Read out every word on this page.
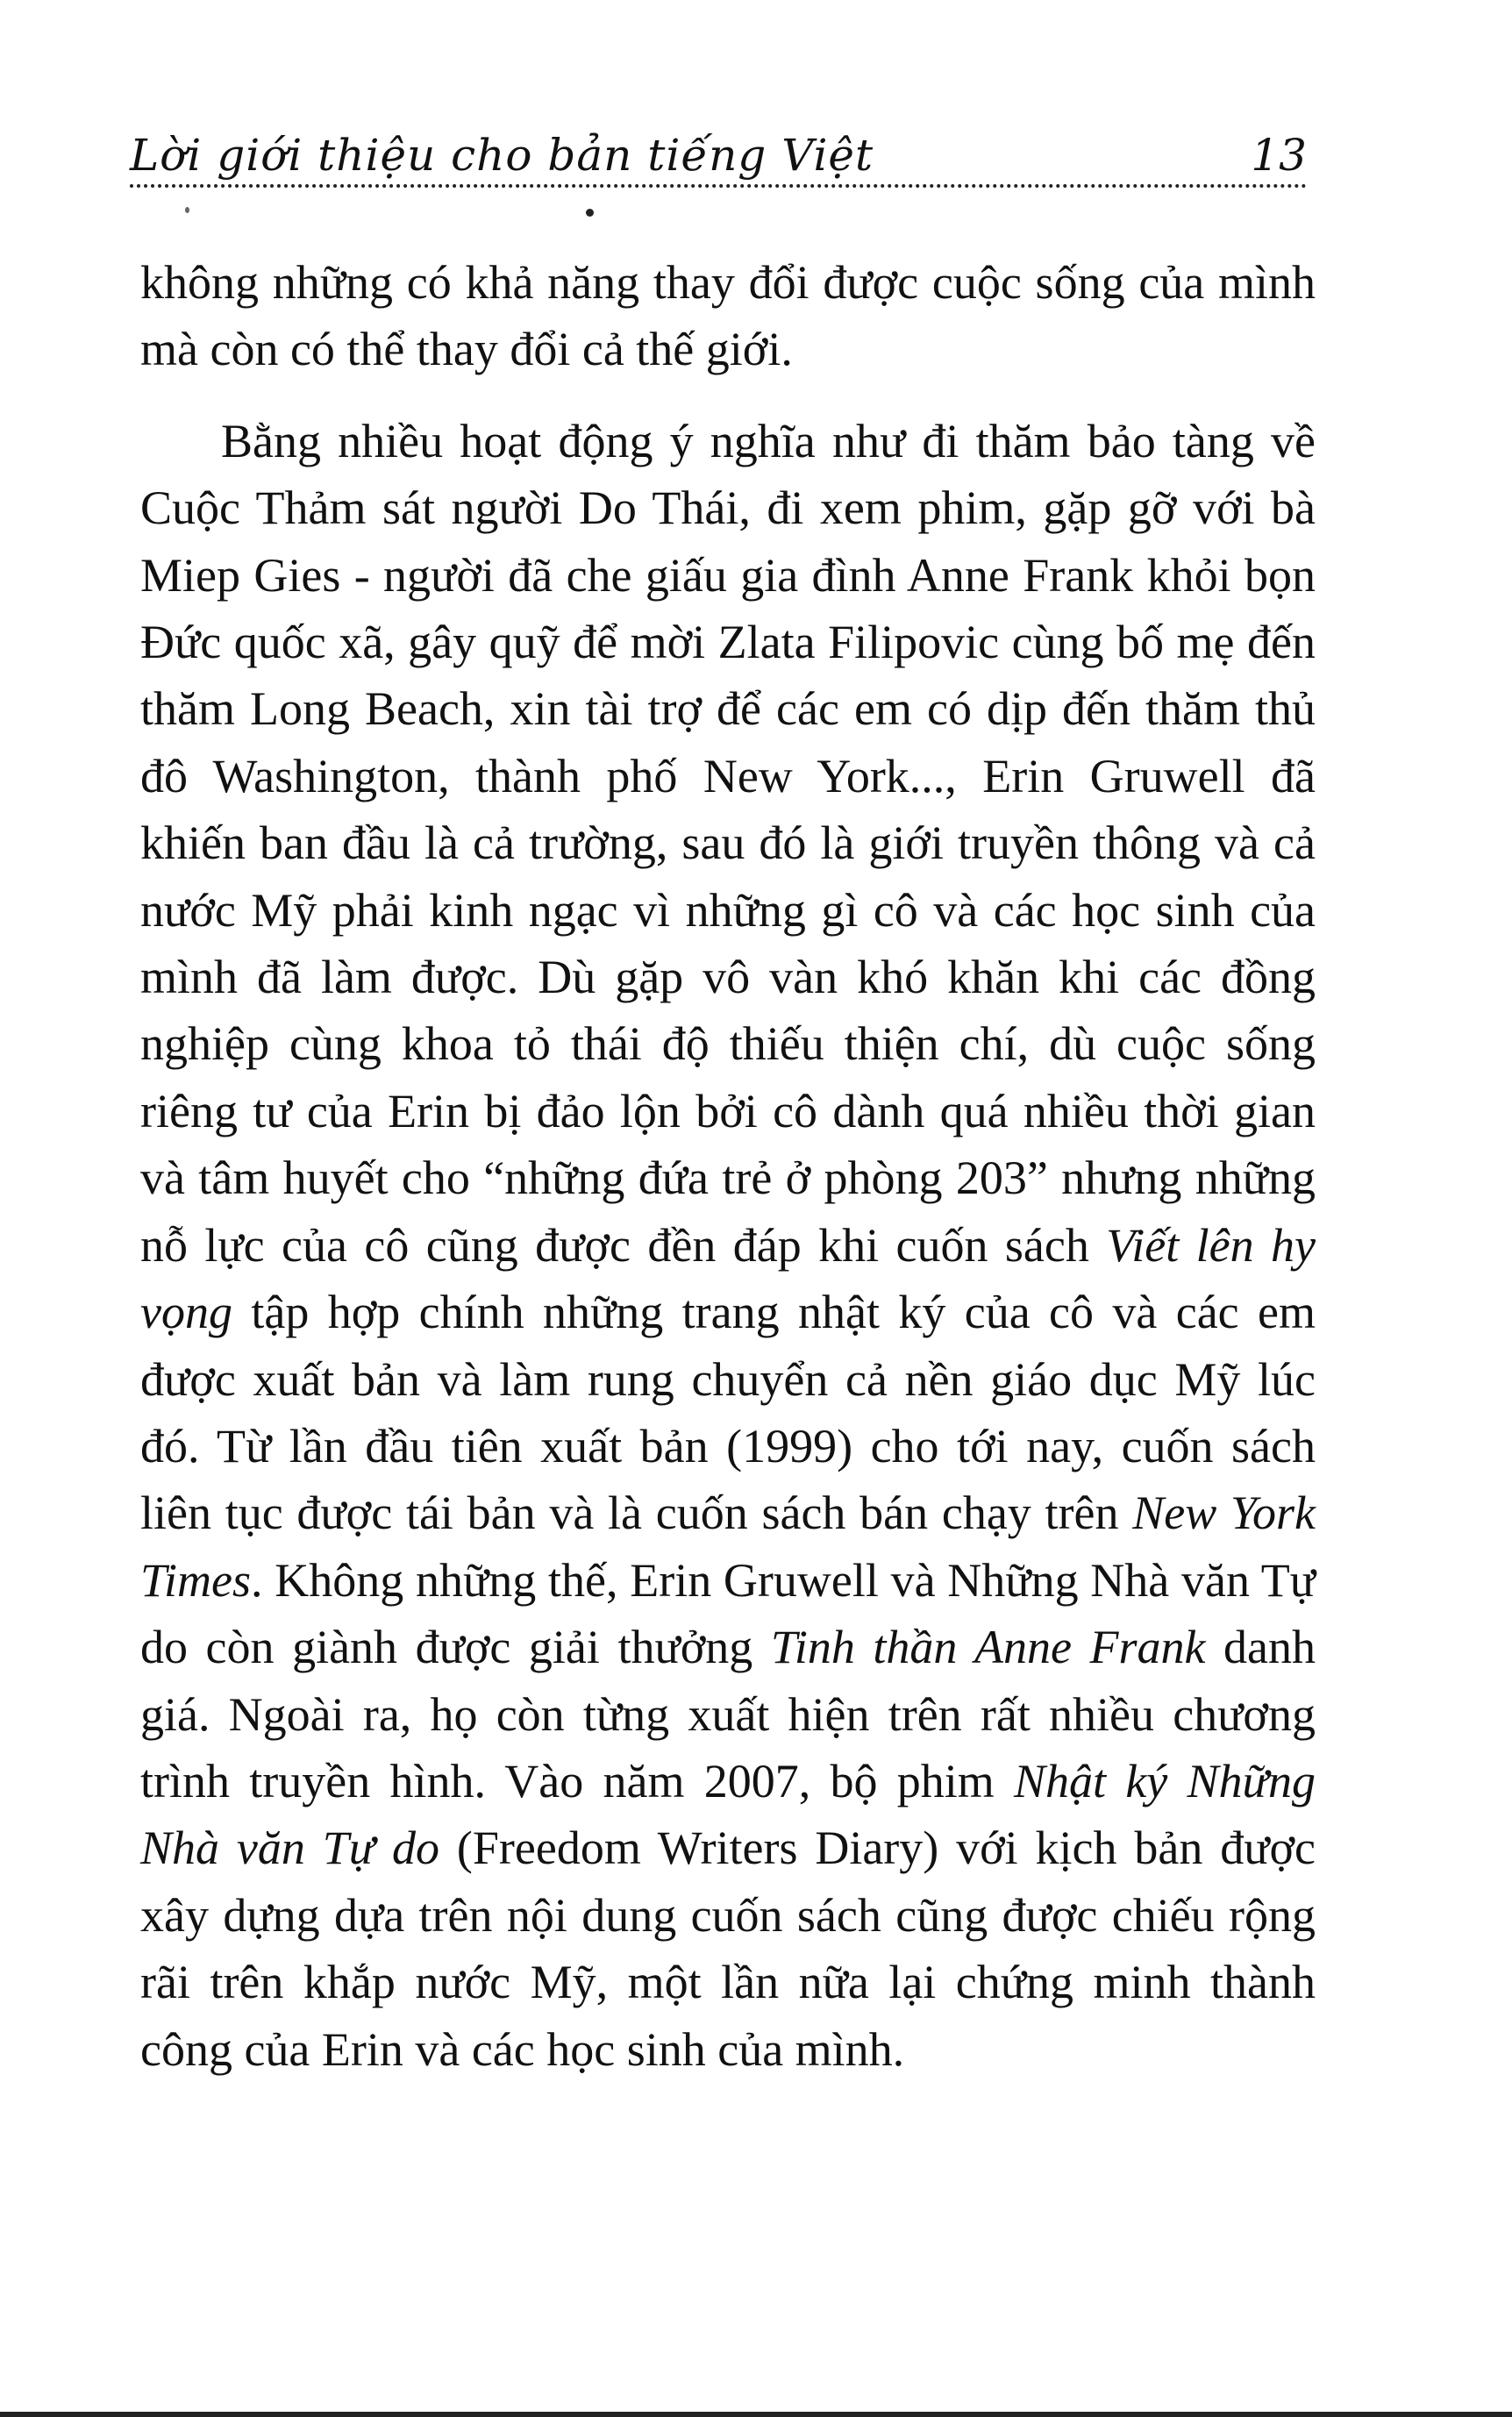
Lời giới thiệu cho bản tiếng Việt	13

không những có khả năng thay đổi được cuộc sống của mình mà còn có thể thay đổi cả thế giới.

Bằng nhiều hoạt động ý nghĩa như đi thăm bảo tàng về Cuộc Thảm sát người Do Thái, đi xem phim, gặp gỡ với bà Miep Gies - người đã che giấu gia đình Anne Frank khỏi bọn Đức quốc xã, gây quỹ để mời Zlata Filipovic cùng bố mẹ đến thăm Long Beach, xin tài trợ để các em có dịp đến thăm thủ đô Washington, thành phố New York..., Erin Gruwell đã khiến ban đầu là cả trường, sau đó là giới truyền thông và cả nước Mỹ phải kinh ngạc vì những gì cô và các học sinh của mình đã làm được. Dù gặp vô vàn khó khăn khi các đồng nghiệp cùng khoa tỏ thái độ thiếu thiện chí, dù cuộc sống riêng tư của Erin bị đảo lộn bởi cô dành quá nhiều thời gian và tâm huyết cho “những đứa trẻ ở phòng 203” nhưng những nỗ lực của cô cũng được đền đáp khi cuốn sách Viết lên hy vọng tập hợp chính những trang nhật ký của cô và các em được xuất bản và làm rung chuyển cả nền giáo dục Mỹ lúc đó. Từ lần đầu tiên xuất bản (1999) cho tới nay, cuốn sách liên tục được tái bản và là cuốn sách bán chạy trên New York Times. Không những thế, Erin Gruwell và Những Nhà văn Tự do còn giành được giải thưởng Tinh thần Anne Frank danh giá. Ngoài ra, họ còn từng xuất hiện trên rất nhiều chương trình truyền hình. Vào năm 2007, bộ phim Nhật ký Những Nhà văn Tự do (Freedom Writers Diary) với kịch bản được xây dựng dựa trên nội dung cuốn sách cũng được chiếu rộng rãi trên khắp nước Mỹ, một lần nữa lại chứng minh thành công của Erin và các học sinh của mình.
